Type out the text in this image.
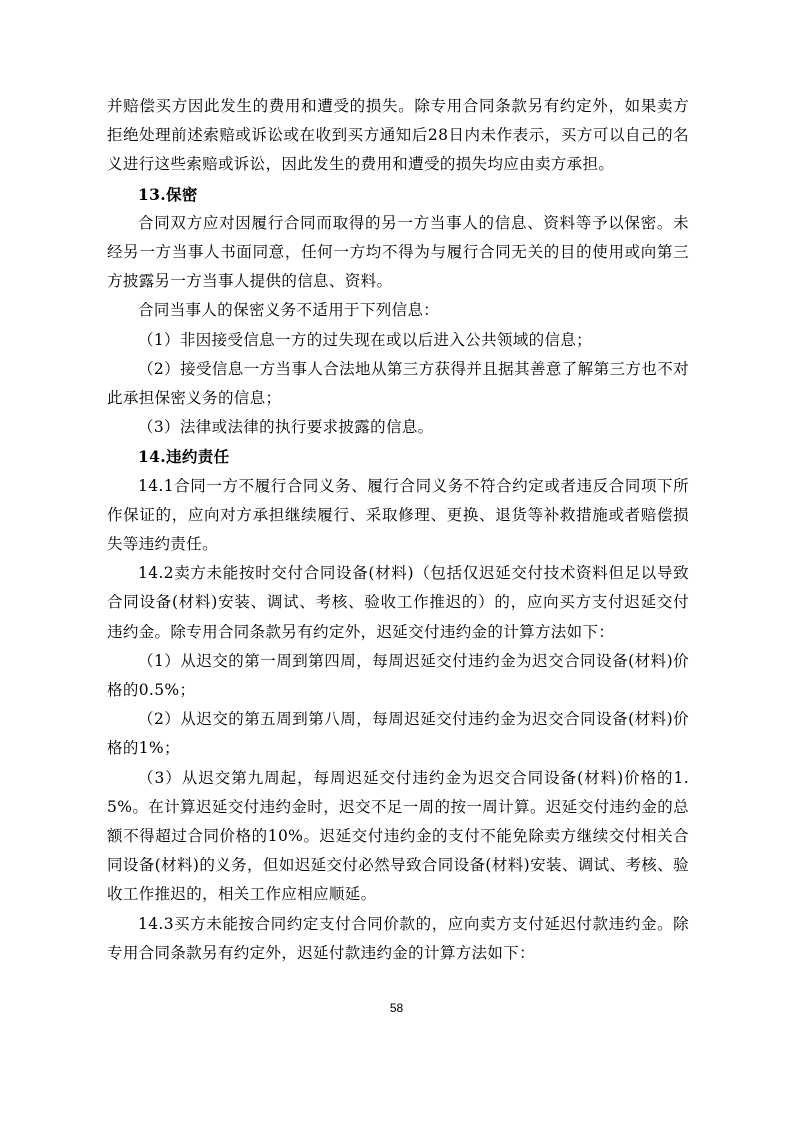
并赔偿买方因此发生的费用和遭受的损失。除专用合同条款另有约定外，如果卖方拒绝处理前述索赔或诉讼或在收到买方通知后28日内未作表示，买方可以自己的名义进行这些索赔或诉讼，因此发生的费用和遭受的损失均应由卖方承担。

13.保密

合同双方应对因履行合同而取得的另一方当事人的信息、资料等予以保密。未经另一方当事人书面同意，任何一方均不得为与履行合同无关的目的使用或向第三方披露另一方当事人提供的信息、资料。

合同当事人的保密义务不适用于下列信息：

（1）非因接受信息一方的过失现在或以后进入公共领域的信息；

（2）接受信息一方当事人合法地从第三方获得并且据其善意了解第三方也不对此承担保密义务的信息；

（3）法律或法律的执行要求披露的信息。

14.违约责任

14.1合同一方不履行合同义务、履行合同义务不符合约定或者违反合同项下所作保证的，应向对方承担继续履行、采取修理、更换、退货等补救措施或者赔偿损失等违约责任。

14.2卖方未能按时交付合同设备(材料)（包括仅迟延交付技术资料但足以导致合同设备(材料)安装、调试、考核、验收工作推迟的）的，应向买方支付迟延交付违约金。除专用合同条款另有约定外，迟延交付违约金的计算方法如下：

（1）从迟交的第一周到第四周，每周迟延交付违约金为迟交合同设备(材料)价格的0.5%；

（2）从迟交的第五周到第八周，每周迟延交付违约金为迟交合同设备(材料)价格的1%；

（3）从迟交第九周起，每周迟延交付违约金为迟交合同设备(材料)价格的1.5%。在计算迟延交付违约金时，迟交不足一周的按一周计算。迟延交付违约金的总额不得超过合同价格的10%。迟延交付违约金的支付不能免除卖方继续交付相关合同设备(材料)的义务，但如迟延交付必然导致合同设备(材料)安装、调试、考核、验收工作推迟的，相关工作应相应顺延。

14.3买方未能按合同约定支付合同价款的，应向卖方支付延迟付款违约金。除专用合同条款另有约定外，迟延付款违约金的计算方法如下：

58
